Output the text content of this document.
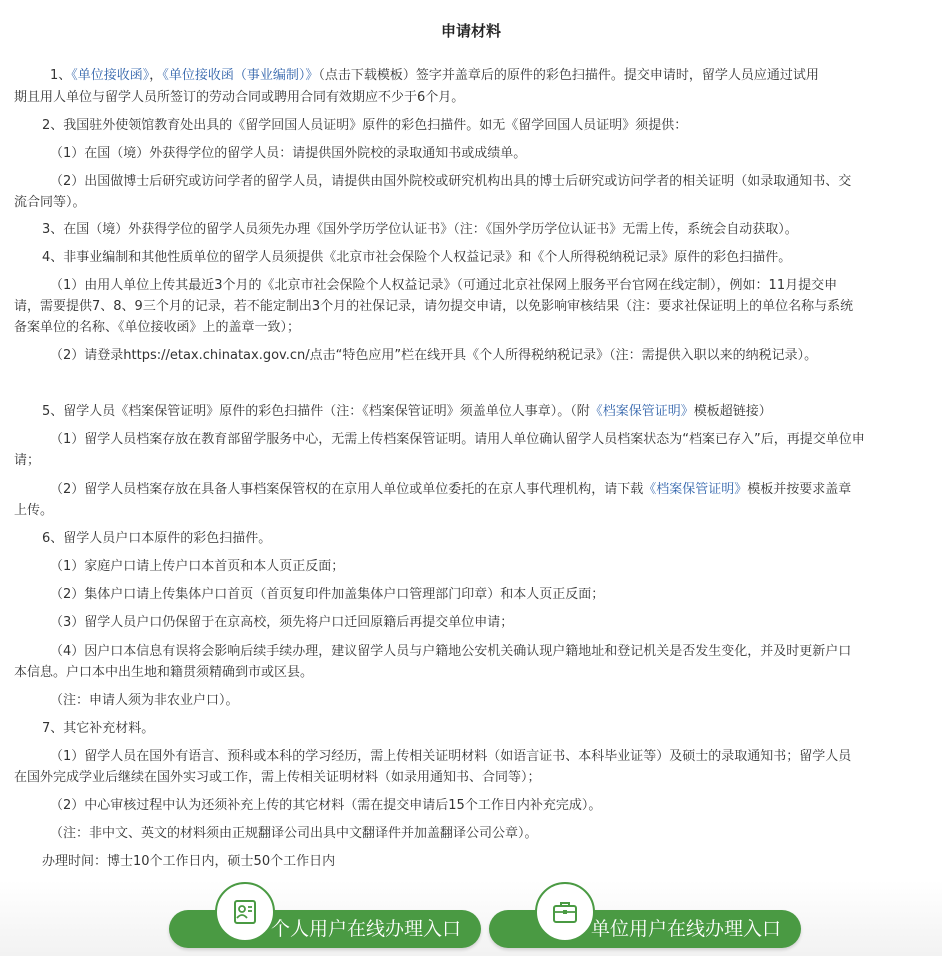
申请材料
1、《单位接收函》，《单位接收函（事业编制）》（点击下载模板）签字并盖章后的原件的彩色扫描件。提交申请时，留学人员应通过试用
期且用人单位与留学人员所签订的劳动合同或聘用合同有效期应不少于6个月。
2、我国驻外使领馆教育处出具的《留学回国人员证明》原件的彩色扫描件。如无《留学回国人员证明》须提供：
（1）在国（境）外获得学位的留学人员：请提供国外院校的录取通知书或成绩单。
（2）出国做博士后研究或访问学者的留学人员，请提供由国外院校或研究机构出具的博士后研究或访问学者的相关证明（如录取通知书、交
流合同等）。
3、在国（境）外获得学位的留学人员须先办理《国外学历学位认证书》（注：《国外学历学位认证书》无需上传，系统会自动获取）。
4、非事业编制和其他性质单位的留学人员须提供《北京市社会保险个人权益记录》和《个人所得税纳税记录》原件的彩色扫描件。
（1）由用人单位上传其最近3个月的《北京市社会保险个人权益记录》（可通过北京社保网上服务平台官网在线定制），例如：11月提交申
请，需要提供7、8、9三个月的记录，若不能定制出3个月的社保记录，请勿提交申请，以免影响审核结果（注：要求社保证明上的单位名称与系统
备案单位的名称、《单位接收函》上的盖章一致）；
（2）请登录https://etax.chinatax.gov.cn/点击“特色应用”栏在线开具《个人所得税纳税记录》（注：需提供入职以来的纳税记录）。
5、留学人员《档案保管证明》原件的彩色扫描件（注：《档案保管证明》须盖单位人事章）。（附《档案保管证明》模板超链接）
（1）留学人员档案存放在教育部留学服务中心，无需上传档案保管证明。请用人单位确认留学人员档案状态为“档案已存入”后，再提交单位申
请；
（2）留学人员档案存放在具备人事档案保管权的在京用人单位或单位委托的在京人事代理机构，请下载《档案保管证明》模板并按要求盖章
上传。
6、留学人员户口本原件的彩色扫描件。
（1）家庭户口请上传户口本首页和本人页正反面；
（2）集体户口请上传集体户口首页（首页复印件加盖集体户口管理部门印章）和本人页正反面；
（3）留学人员户口仍保留于在京高校，须先将户口迁回原籍后再提交单位申请；
（4）因户口本信息有误将会影响后续手续办理，建议留学人员与户籍地公安机关确认现户籍地址和登记机关是否发生变化，并及时更新户口
本信息。户口本中出生地和籍贯须精确到市或区县。
（注：申请人须为非农业户口）。
7、其它补充材料。
（1）留学人员在国外有语言、预科或本科的学习经历，需上传相关证明材料（如语言证书、本科毕业证等）及硕士的录取通知书；留学人员
在国外完成学业后继续在国外实习或工作，需上传相关证明材料（如录用通知书、合同等）；
（2）中心审核过程中认为还须补充上传的其它材料（需在提交申请后15个工作日内补充完成）。
（注：非中文、英文的材料须由正规翻译公司出具中文翻译件并加盖翻译公司公章）。
办理时间：博士10个工作日内，硕士50个工作日内
个人用户在线办理入口	单位用户在线办理入口
